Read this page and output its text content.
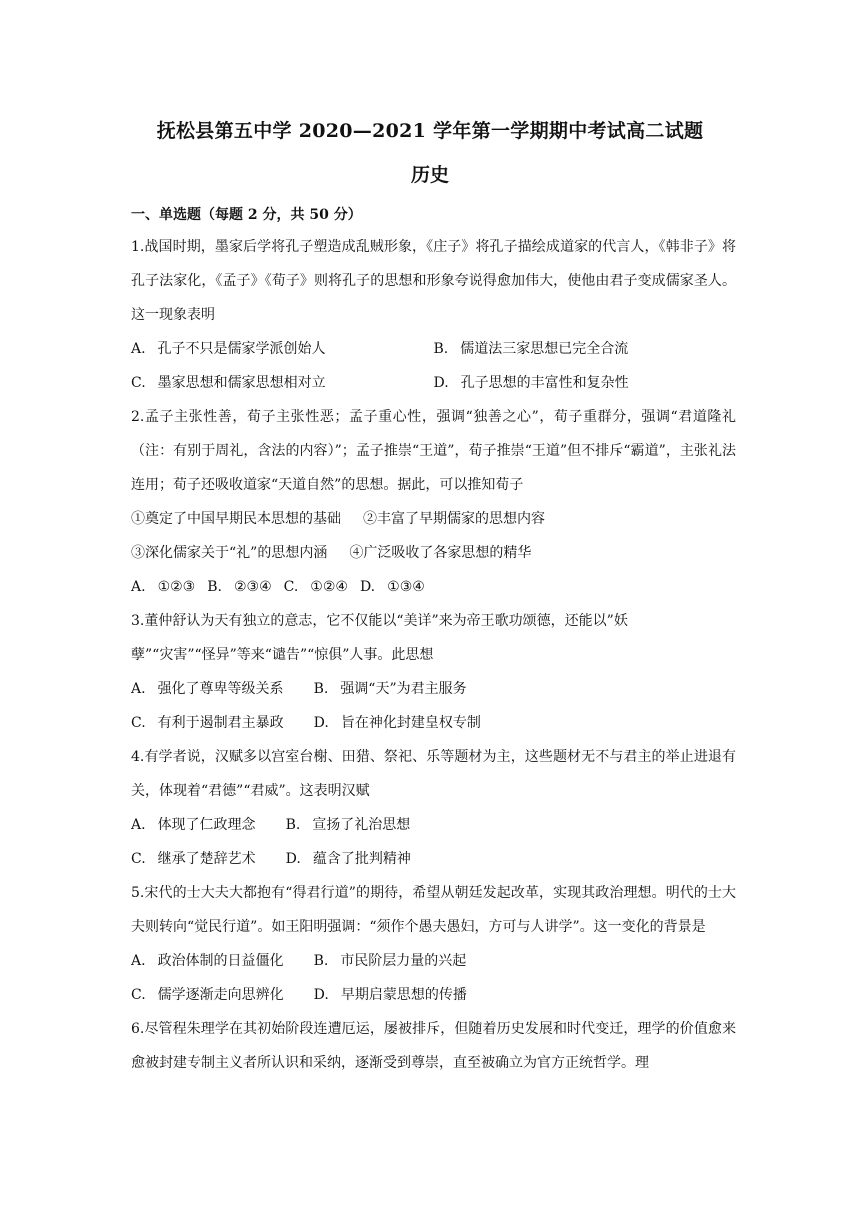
抚松县第五中学 2020—2021 学年第一学期期中考试高二试题
历史
一、单选题（每题 2 分，共 50 分）

1.战国时期，墨家后学将孔子塑造成乱贼形象，《庄子》将孔子描绘成道家的代言人，《韩非子》将孔子法家化，《孟子》《荀子》则将孔子的思想和形象夸说得愈加伟大，使他由君子变成儒家圣人。这一现象表明

A. 孔子不只是儒家学派创始人	B. 儒道法三家思想已完全合流
C. 墨家思想和儒家思想相对立	D. 孔子思想的丰富性和复杂性

2.孟子主张性善，荀子主张性恶；孟子重心性，强调“独善之心”，荀子重群分，强调“君道隆礼（注：有别于周礼，含法的内容）”；孟子推崇“王道”，荀子推崇“王道”但不排斥“霸道”，主张礼法连用；荀子还吸收道家“天道自然”的思想。据此，可以推知荀子

①奠定了中国早期民本思想的基础 ②丰富了早期儒家的思想内容

③深化儒家关于“礼”的思想内涵 ④广泛吸收了各家思想的精华

A. ①②③ B. ②③④ C. ①②④ D. ①③④

3.董仲舒认为天有独立的意志，它不仅能以“美详”来为帝王歌功颂德，还能以”妖

孽”“灾害”“怪异”等来“谴告”“惊俱”人事。此思想

A. 强化了尊卑等级关系 B. 强调“天”为君主服务
C. 有利于遏制君主暴政 D. 旨在神化封建皇权专制

4.有学者说，汉赋多以宫室台榭、田猎、祭祀、乐等题材为主，这些题材无不与君主的举止进退有关，体现着“君德”“君威”。这表明汉赋

A. 体现了仁政理念 B. 宣扬了礼治思想
C. 继承了楚辞艺术 D. 蕴含了批判精神

5.宋代的士大夫大都抱有“得君行道”的期待，希望从朝廷发起改革，实现其政治理想。明代的士大夫则转向“觉民行道”。如王阳明强调：“须作个愚夫愚妇，方可与人讲学”。这一变化的背景是

A. 政治体制的日益僵化 B. 市民阶层力量的兴起
C. 儒学逐渐走向思辨化 D. 早期启蒙思想的传播

6.尽管程朱理学在其初始阶段连遭厄运，屡被排斥，但随着历史发展和时代变迁，理学的价值愈来愈被封建专制主义者所认识和采纳，逐渐受到尊崇，直至被确立为官方正统哲学。理
